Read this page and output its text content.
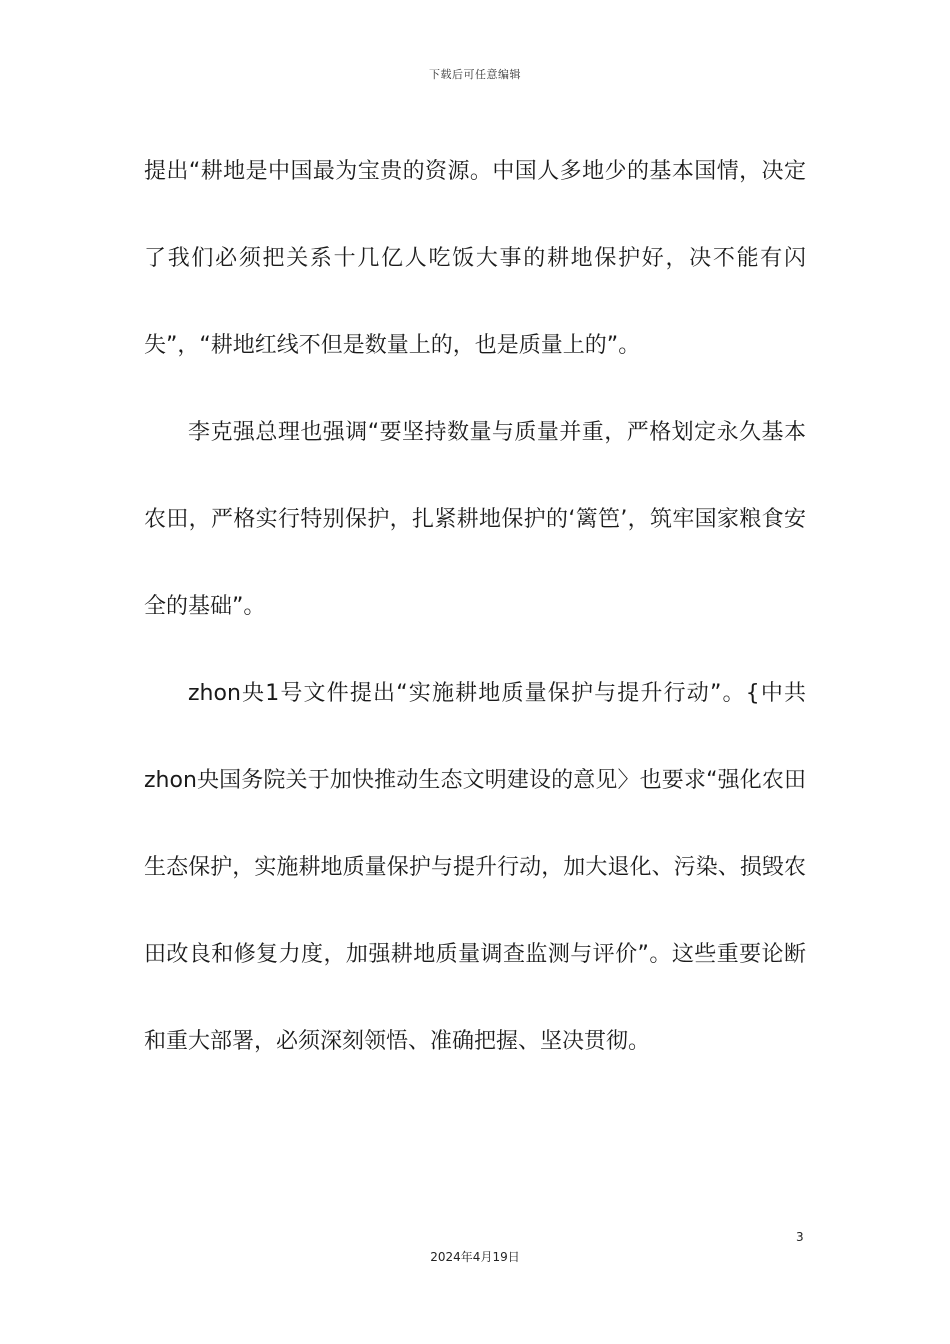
下载后可任意编辑

提出“耕地是中国最为宝贵的资源。中国人多地少的基本国情，决定了我们必须把关系十几亿人吃饭大事的耕地保护好，决不能有闪失”，“耕地红线不但是数量上的，也是质量上的”。

李克强总理也强调“要坚持数量与质量并重，严格划定永久基本农田，严格实行特别保护，扎紧耕地保护的‘篱笆’，筑牢国家粮食安全的基础”。

zhon央1号文件提出“实施耕地质量保护与提升行动”。{中共zhon央国务院关于加快推动生态文明建设的意见〉也要求“强化农田生态保护，实施耕地质量保护与提升行动，加大退化、污染、损毁农田改良和修复力度，加强耕地质量调查监测与评价”。这些重要论断和重大部署，必须深刻领悟、准确把握、坚决贯彻。

3
2024年4月19日
